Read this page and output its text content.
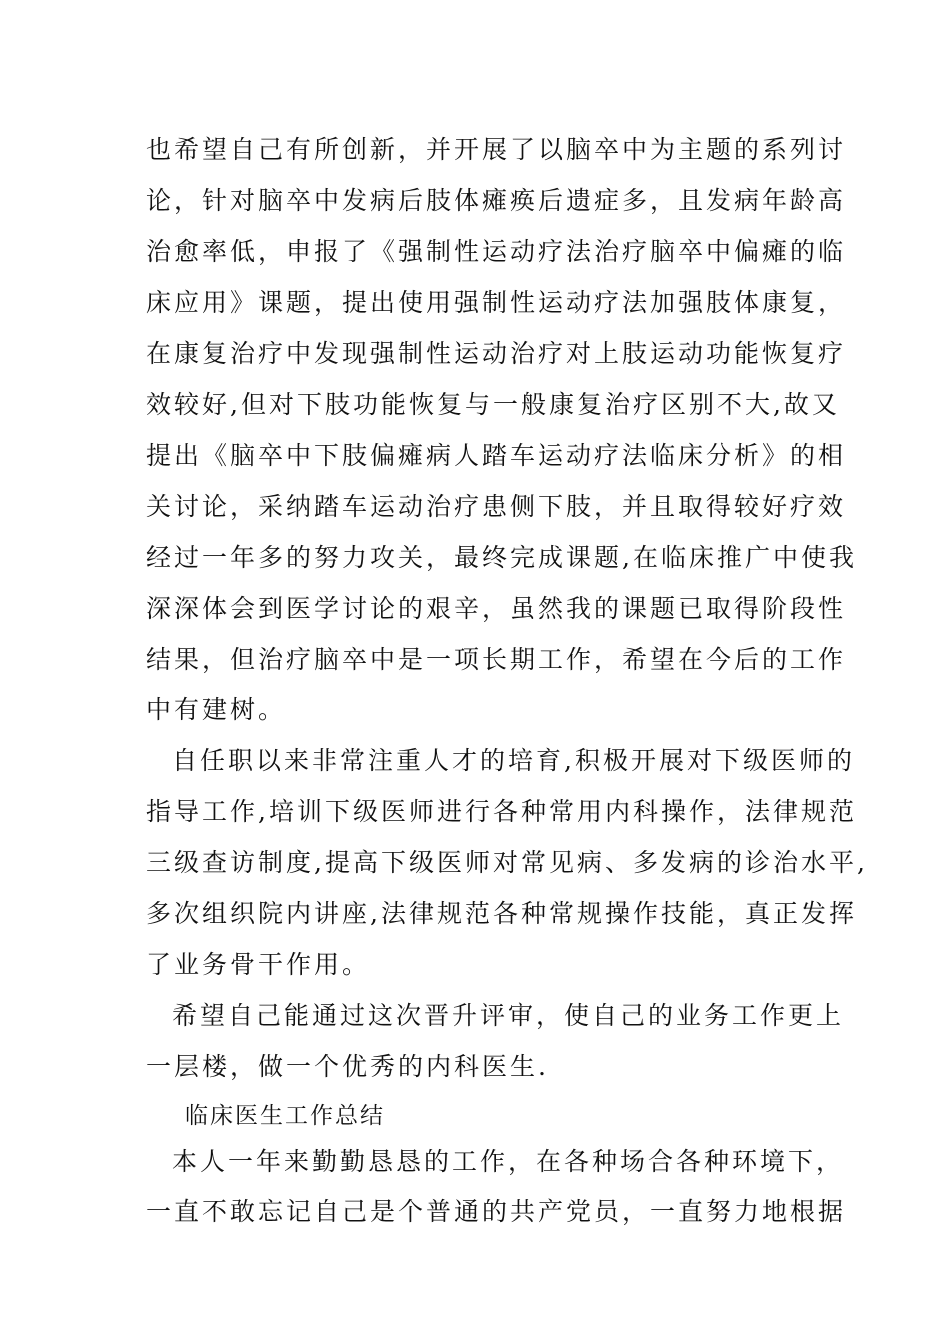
也希望自己有所创新，并开展了以脑卒中为主题的系列讨
论，针对脑卒中发病后肢体瘫痪后遗症多，且发病年龄高
治愈率低，申报了《强制性运动疗法治疗脑卒中偏瘫的临
床应用》课题，提出使用强制性运动疗法加强肢体康复，
在康复治疗中发现强制性运动治疗对上肢运动功能恢复疗
效较好,但对下肢功能恢复与一般康复治疗区别不大,故又
提出《脑卒中下肢偏瘫病人踏车运动疗法临床分析》的相
关讨论，采纳踏车运动治疗患侧下肢，并且取得较好疗效
经过一年多的努力攻关，最终完成课题,在临床推广中使我
深深体会到医学讨论的艰辛，虽然我的课题已取得阶段性
结果，但治疗脑卒中是一项长期工作，希望在今后的工作
中有建树。
自任职以来非常注重人才的培育,积极开展对下级医师的
指导工作,培训下级医师进行各种常用内科操作，法律规范
三级查访制度,提高下级医师对常见病、多发病的诊治水平,
多次组织院内讲座,法律规范各种常规操作技能，真正发挥
了业务骨干作用。
希望自己能通过这次晋升评审，使自己的业务工作更上
一层楼，做一个优秀的内科医生.
临床医生工作总结
本人一年来勤勤恳恳的工作，在各种场合各种环境下，
一直不敢忘记自己是个普通的共产党员，一直努力地根据
